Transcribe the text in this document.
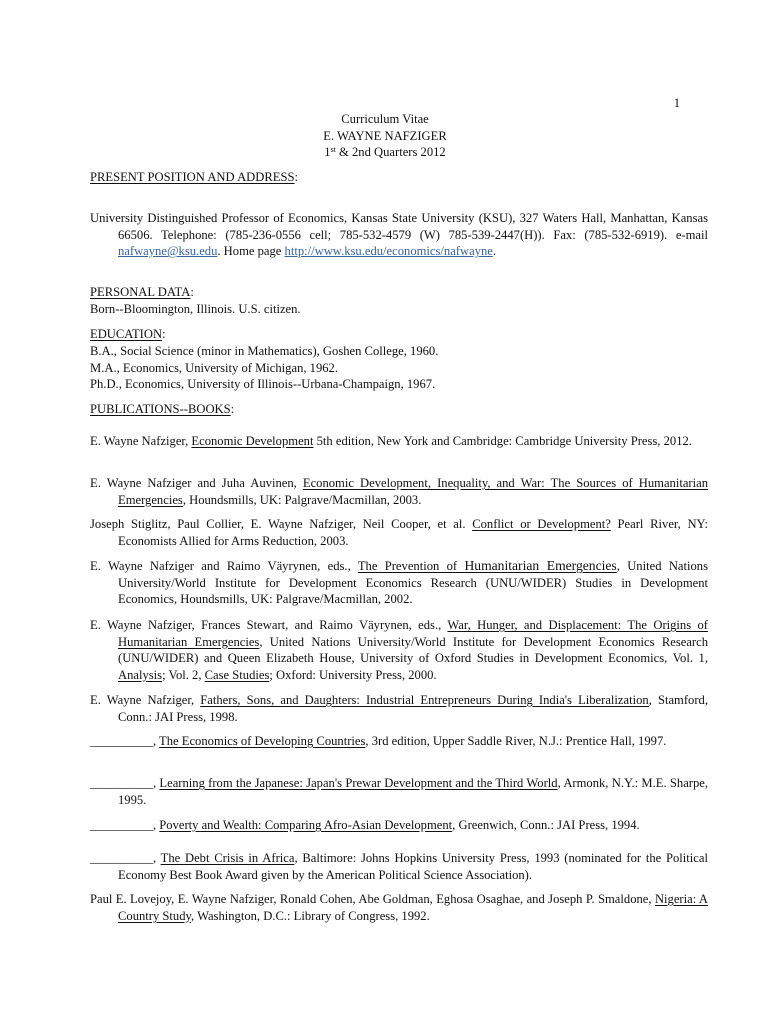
1
Curriculum Vitae
E. WAYNE NAFZIGER
1st & 2nd Quarters 2012
PRESENT POSITION AND ADDRESS:
University Distinguished Professor of Economics, Kansas State University (KSU), 327 Waters Hall, Manhattan, Kansas 66506. Telephone: (785-236-0556 cell; 785-532-4579 (W) 785-539-2447(H)). Fax: (785-532-6919). e-mail nafwayne@ksu.edu. Home page http://www.ksu.edu/economics/nafwayne.
PERSONAL DATA:
Born--Bloomington, Illinois. U.S. citizen.
EDUCATION:
B.A., Social Science (minor in Mathematics), Goshen College, 1960.
M.A., Economics, University of Michigan, 1962.
Ph.D., Economics, University of Illinois--Urbana-Champaign, 1967.
PUBLICATIONS--BOOKS:
E. Wayne Nafziger, Economic Development 5th edition, New York and Cambridge: Cambridge University Press, 2012.
E. Wayne Nafziger and Juha Auvinen, Economic Development, Inequality, and War: The Sources of Humanitarian Emergencies, Houndsmills, UK: Palgrave/Macmillan, 2003.
Joseph Stiglitz, Paul Collier, E. Wayne Nafziger, Neil Cooper, et al. Conflict or Development? Pearl River, NY: Economists Allied for Arms Reduction, 2003.
E. Wayne Nafziger and Raimo Väyrynen, eds., The Prevention of Humanitarian Emergencies, United Nations University/World Institute for Development Economics Research (UNU/WIDER) Studies in Development Economics, Houndsmills, UK: Palgrave/Macmillan, 2002.
E. Wayne Nafziger, Frances Stewart, and Raimo Väyrynen, eds., War, Hunger, and Displacement: The Origins of Humanitarian Emergencies, United Nations University/World Institute for Development Economics Research (UNU/WIDER) and Queen Elizabeth House, University of Oxford Studies in Development Economics, Vol. 1, Analysis; Vol. 2, Case Studies; Oxford: University Press, 2000.
E. Wayne Nafziger, Fathers, Sons, and Daughters: Industrial Entrepreneurs During India's Liberalization, Stamford, Conn.: JAI Press, 1998.
__________, The Economics of Developing Countries, 3rd edition, Upper Saddle River, N.J.: Prentice Hall, 1997.
__________, Learning from the Japanese: Japan's Prewar Development and the Third World, Armonk, N.Y.: M.E. Sharpe, 1995.
__________, Poverty and Wealth: Comparing Afro-Asian Development, Greenwich, Conn.: JAI Press, 1994.
__________, The Debt Crisis in Africa, Baltimore: Johns Hopkins University Press, 1993 (nominated for the Political Economy Best Book Award given by the American Political Science Association).
Paul E. Lovejoy, E. Wayne Nafziger, Ronald Cohen, Abe Goldman, Eghosa Osaghae, and Joseph P. Smaldone, Nigeria: A Country Study, Washington, D.C.: Library of Congress, 1992.
